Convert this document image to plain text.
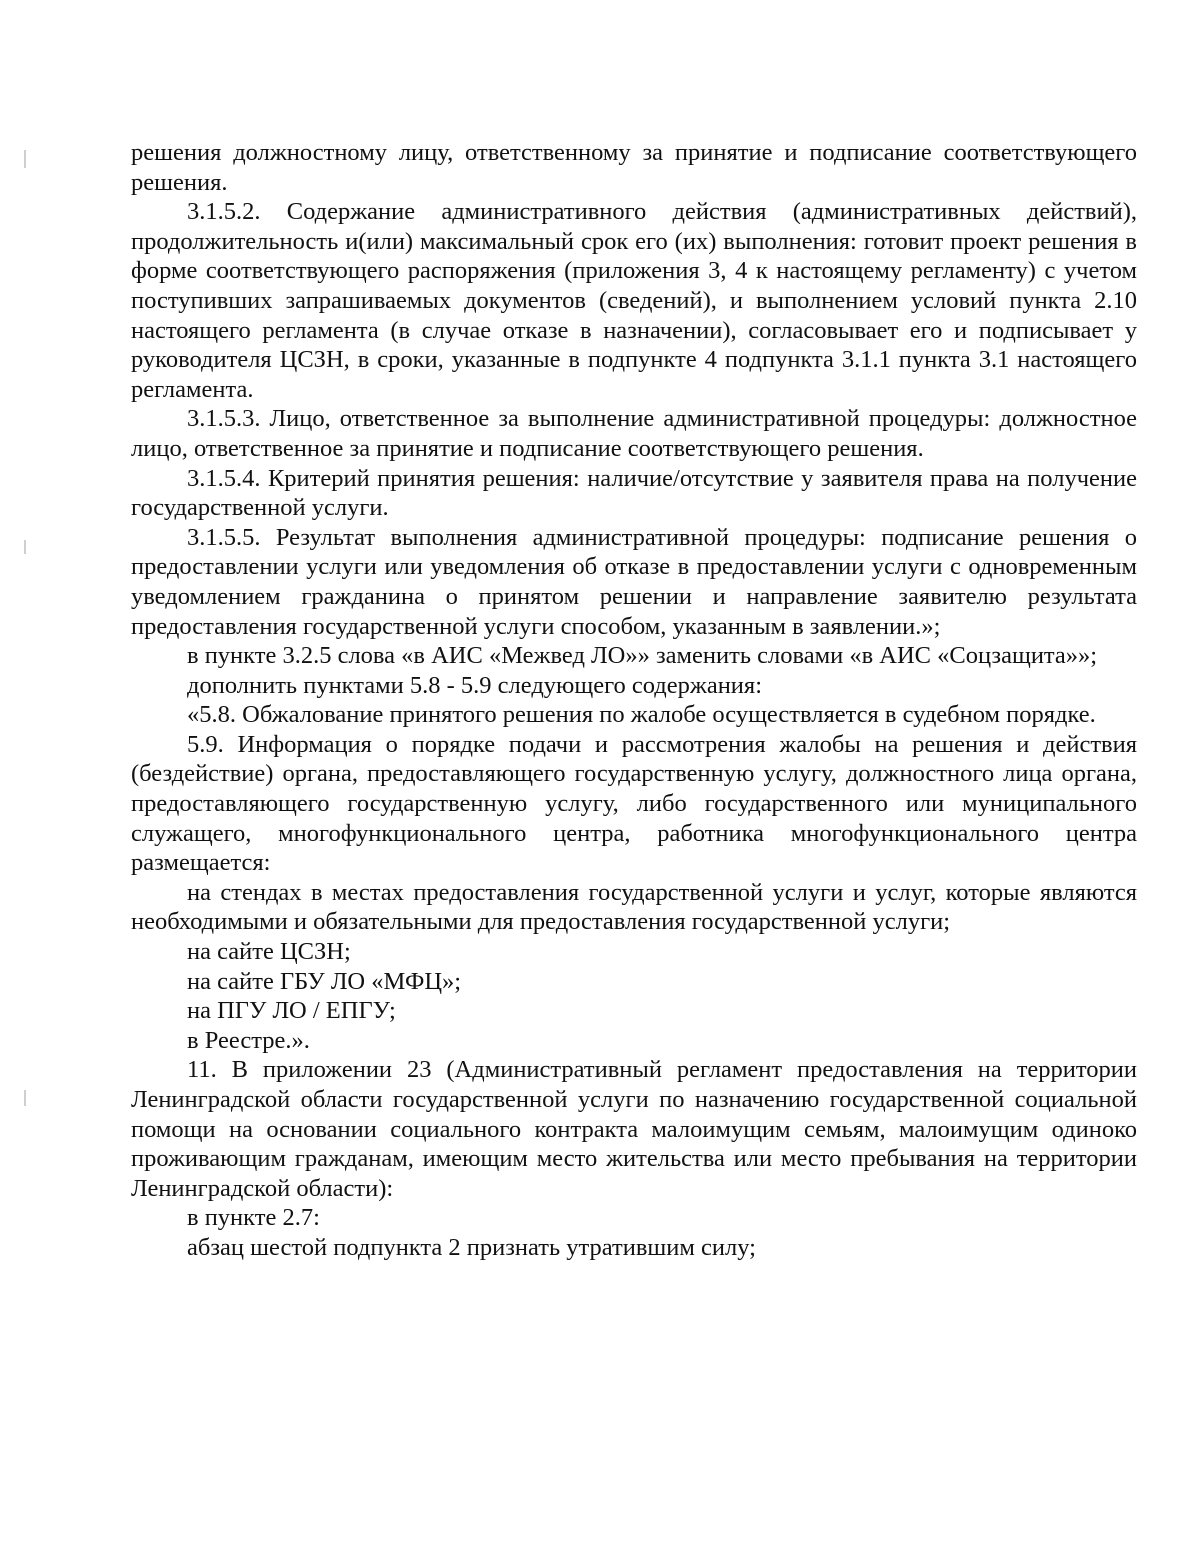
решения должностному лицу, ответственному за принятие и подписание соответствующего решения.

3.1.5.2. Содержание административного действия (административных действий), продолжительность и(или) максимальный срок его (их) выполнения: готовит проект решения в форме соответствующего распоряжения (приложения 3, 4 к настоящему регламенту) с учетом поступивших запрашиваемых документов (сведений), и выполнением условий пункта 2.10 настоящего регламента (в случае отказе в назначении), согласовывает его и подписывает у руководителя ЦСЗН, в сроки, указанные в подпункте 4 подпункта 3.1.1 пункта 3.1 настоящего регламента.

3.1.5.3. Лицо, ответственное за выполнение административной процедуры: должностное лицо, ответственное за принятие и подписание соответствующего решения.

3.1.5.4. Критерий принятия решения: наличие/отсутствие у заявителя права на получение государственной услуги.

3.1.5.5. Результат выполнения административной процедуры: подписание решения о предоставлении услуги или уведомления об отказе в предоставлении услуги с одновременным уведомлением гражданина о принятом решении и направление заявителю результата предоставления государственной услуги способом, указанным в заявлении.»;

в пункте 3.2.5 слова «в АИС «Межвед ЛО»» заменить словами «в АИС «Соцзащита»»;

дополнить пунктами 5.8 - 5.9 следующего содержания:

«5.8. Обжалование принятого решения по жалобе осуществляется в судебном порядке.

5.9. Информация о порядке подачи и рассмотрения жалобы на решения и действия (бездействие) органа, предоставляющего государственную услугу, должностного лица органа, предоставляющего государственную услугу, либо государственного или муниципального служащего, многофункционального центра, работника многофункционального центра размещается:

на стендах в местах предоставления государственной услуги и услуг, которые являются необходимыми и обязательными для предоставления государственной услуги;

на сайте ЦСЗН;

на сайте ГБУ ЛО «МФЦ»;

на ПГУ ЛО / ЕПГУ;

в Реестре.».

11. В приложении 23 (Административный регламент предоставления на территории Ленинградской области государственной услуги по назначению государственной социальной помощи на основании социального контракта малоимущим семьям, малоимущим одиноко проживающим гражданам, имеющим место жительства или место пребывания на территории Ленинградской области):

в пункте 2.7:

абзац шестой подпункта 2 признать утратившим силу;
